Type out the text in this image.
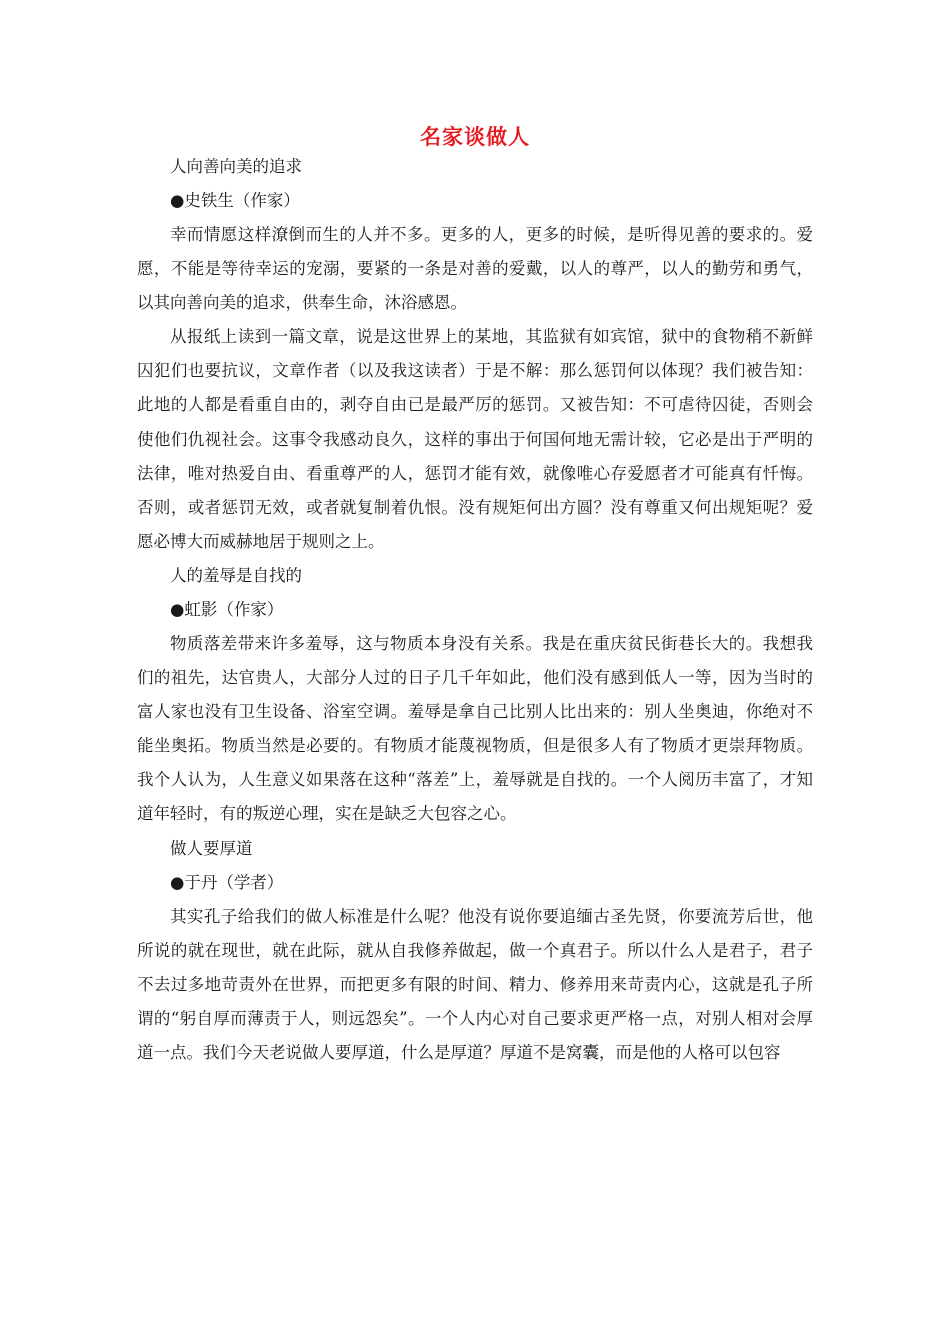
名家谈做人
人向善向美的追求
●史铁生（作家）

幸而情愿这样潦倒而生的人并不多。更多的人，更多的时候，是听得见善的要求的。爱愿，不能是等待幸运的宠溺，要紧的一条是对善的爱戴，以人的尊严，以人的勤劳和勇气，以其向善向美的追求，供奉生命，沐浴感恩。

从报纸上读到一篇文章，说是这世界上的某地，其监狱有如宾馆，狱中的食物稍不新鲜囚犯们也要抗议，文章作者（以及我这读者）于是不解：那么惩罚何以体现？我们被告知：此地的人都是看重自由的，剥夺自由已是最严厉的惩罚。又被告知：不可虐待囚徒，否则会使他们仇视社会。这事令我感动良久，这样的事出于何国何地无需计较，它必是出于严明的法律，唯对热爱自由、看重尊严的人，惩罚才能有效，就像唯心存爱愿者才可能真有忏悔。否则，或者惩罚无效，或者就复制着仇恨。没有规矩何出方圆？没有尊重又何出规矩呢？爱愿必博大而威赫地居于规则之上。

人的羞辱是自找的
●虹影（作家）

物质落差带来许多羞辱，这与物质本身没有关系。我是在重庆贫民街巷长大的。我想我们的祖先，达官贵人，大部分人过的日子几千年如此，他们没有感到低人一等，因为当时的富人家也没有卫生设备、浴室空调。羞辱是拿自己比别人比出来的：别人坐奥迪，你绝对不能坐奥拓。物质当然是必要的。有物质才能蔑视物质，但是很多人有了物质才更崇拜物质。我个人认为，人生意义如果落在这种“落差”上，羞辱就是自找的。一个人阅历丰富了，才知道年轻时，有的叛逆心理，实在是缺乏大包容之心。

做人要厚道
●于丹（学者）

其实孔子给我们的做人标准是什么呢？他没有说你要追缅古圣先贤，你要流芳后世，他所说的就在现世，就在此际，就从自我修养做起，做一个真君子。所以什么人是君子，君子不去过多地苛责外在世界，而把更多有限的时间、精力、修养用来苛责内心，这就是孔子所谓的“躬自厚而薄责于人，则远怨矣”。一个人内心对自己要求更严格一点，对别人相对会厚道一点。我们今天老说做人要厚道，什么是厚道？厚道不是窝囊，而是他的人格可以包容
